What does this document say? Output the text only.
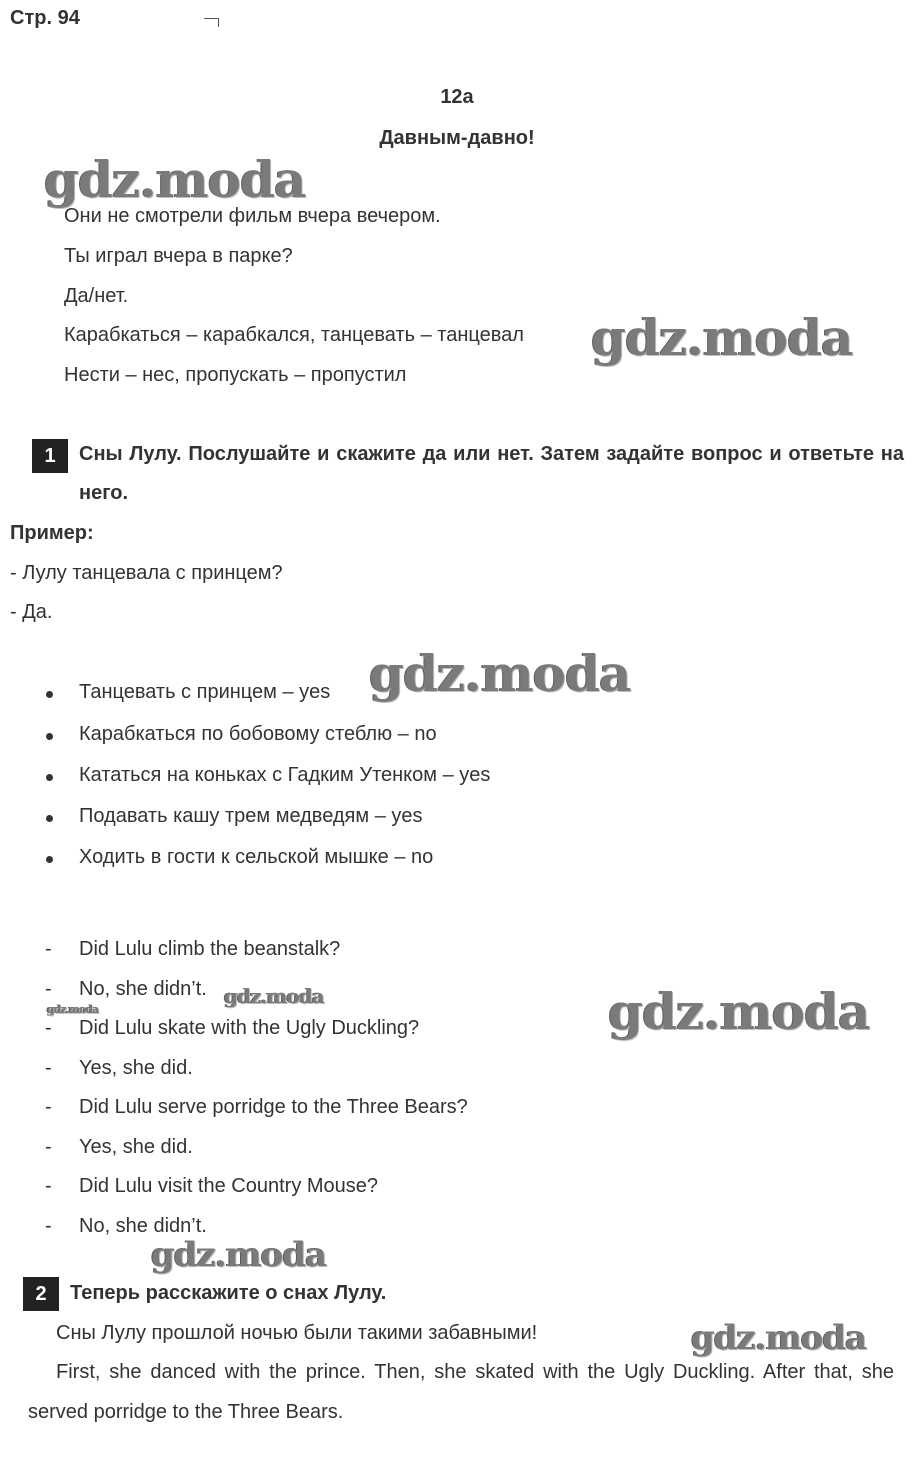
Стр. 94
12a
Давным-давно!
Они не смотрели фильм вчера вечером.
Ты играл вчера в парке?
Да/нет.
Карабкаться – карабкался, танцевать – танцевал
Нести – нес, пропускать – пропустил
1	Сны Лулу. Послушайте и скажите да или нет. Затем задайте вопрос и ответьте на него.
Пример:
- Лулу танцевала с принцем?
- Да.
Танцевать с принцем – yes
Карабкаться по бобовому стеблю – no
Кататься на коньках с Гадким Утенком – yes
Подавать кашу трем медведям – yes
Ходить в гости к сельской мышке – no
- Did Lulu climb the beanstalk?
- No, she didn’t.
- Did Lulu skate with the Ugly Duckling?
- Yes, she did.
- Did Lulu serve porridge to the Three Bears?
- Yes, she did.
- Did Lulu visit the Country Mouse?
- No, she didn’t.
2	Теперь расскажите о снах Лулу.
Сны Лулу прошлой ночью были такими забавными!
First, she danced with the prince. Then, she skated with the Ugly Duckling. After that, she served porridge to the Three Bears.
gdz.moda
gdz.moda
gdz.moda
gdz.moda
gdz.moda
gdz.moda
gdz.moda
gdz.moda
